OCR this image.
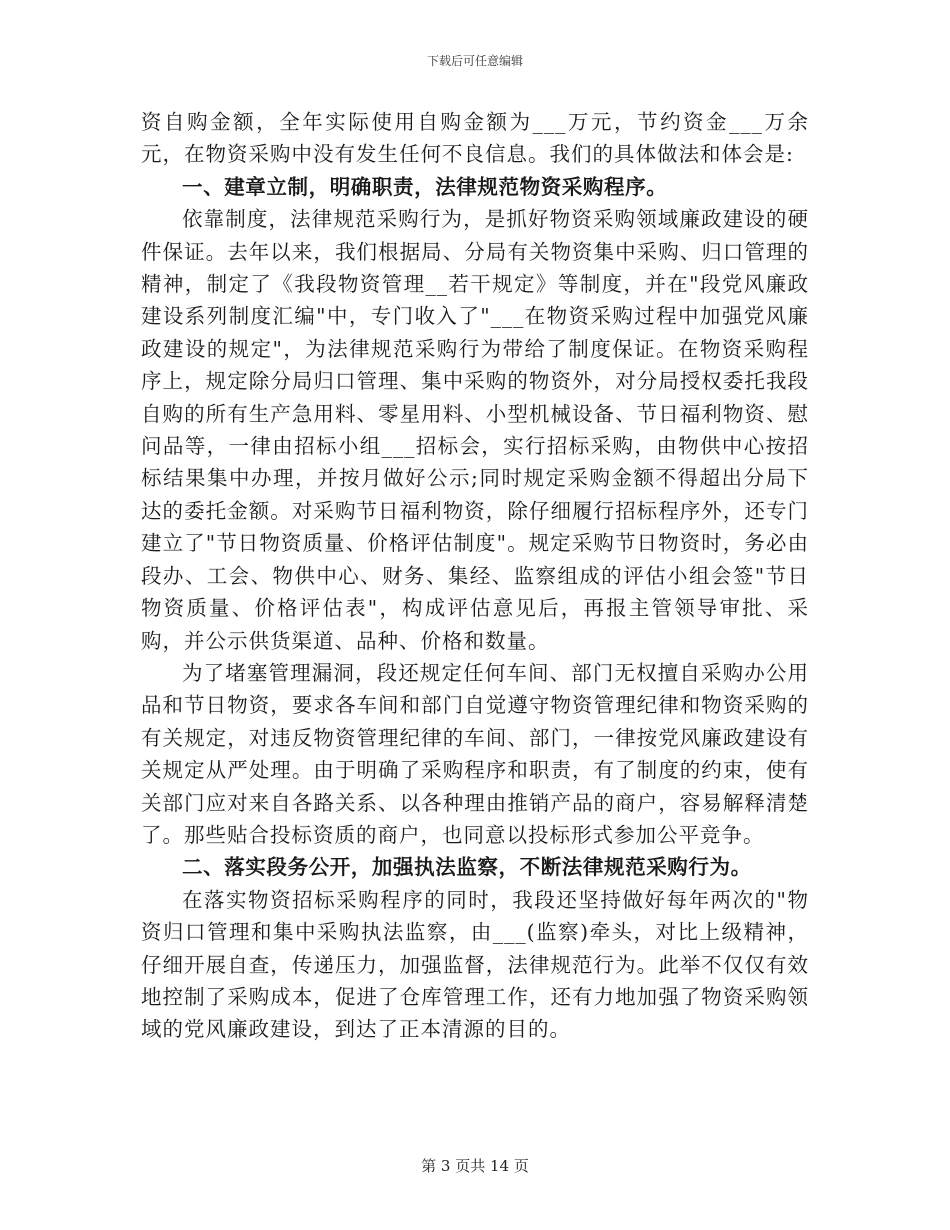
下载后可任意编辑

资自购金额，全年实际使用自购金额为___万元，节约资金___万余元，在物资采购中没有发生任何不良信息。我们的具体做法和体会是:

一、建章立制，明确职责，法律规范物资采购程序。

依靠制度，法律规范采购行为，是抓好物资采购领域廉政建设的硬件保证。去年以来，我们根据局、分局有关物资集中采购、归口管理的精神，制定了《我段物资管理__若干规定》等制度，并在"段党风廉政建设系列制度汇编"中，专门收入了"___在物资采购过程中加强党风廉政建设的规定"，为法律规范采购行为带给了制度保证。在物资采购程序上，规定除分局归口管理、集中采购的物资外，对分局授权委托我段自购的所有生产急用料、零星用料、小型机械设备、节日福利物资、慰问品等，一律由招标小组___招标会，实行招标采购，由物供中心按招标结果集中办理，并按月做好公示;同时规定采购金额不得超出分局下达的委托金额。对采购节日福利物资，除仔细履行招标程序外，还专门建立了"节日物资质量、价格评估制度"。规定采购节日物资时，务必由段办、工会、物供中心、财务、集经、监察组成的评估小组会签"节日物资质量、价格评估表"，构成评估意见后，再报主管领导审批、采购，并公示供货渠道、品种、价格和数量。

为了堵塞管理漏洞，段还规定任何车间、部门无权擅自采购办公用品和节日物资，要求各车间和部门自觉遵守物资管理纪律和物资采购的有关规定，对违反物资管理纪律的车间、部门，一律按党风廉政建设有关规定从严处理。由于明确了采购程序和职责，有了制度的约束，使有关部门应对来自各路关系、以各种理由推销产品的商户，容易解释清楚了。那些贴合投标资质的商户，也同意以投标形式参加公平竞争。

二、落实段务公开，加强执法监察，不断法律规范采购行为。

在落实物资招标采购程序的同时，我段还坚持做好每年两次的"物资归口管理和集中采购执法监察，由___(监察)牵头，对比上级精神，仔细开展自查，传递压力，加强监督，法律规范行为。此举不仅仅有效地控制了采购成本，促进了仓库管理工作，还有力地加强了物资采购领域的党风廉政建设，到达了正本清源的目的。

第 3 页共 14 页
